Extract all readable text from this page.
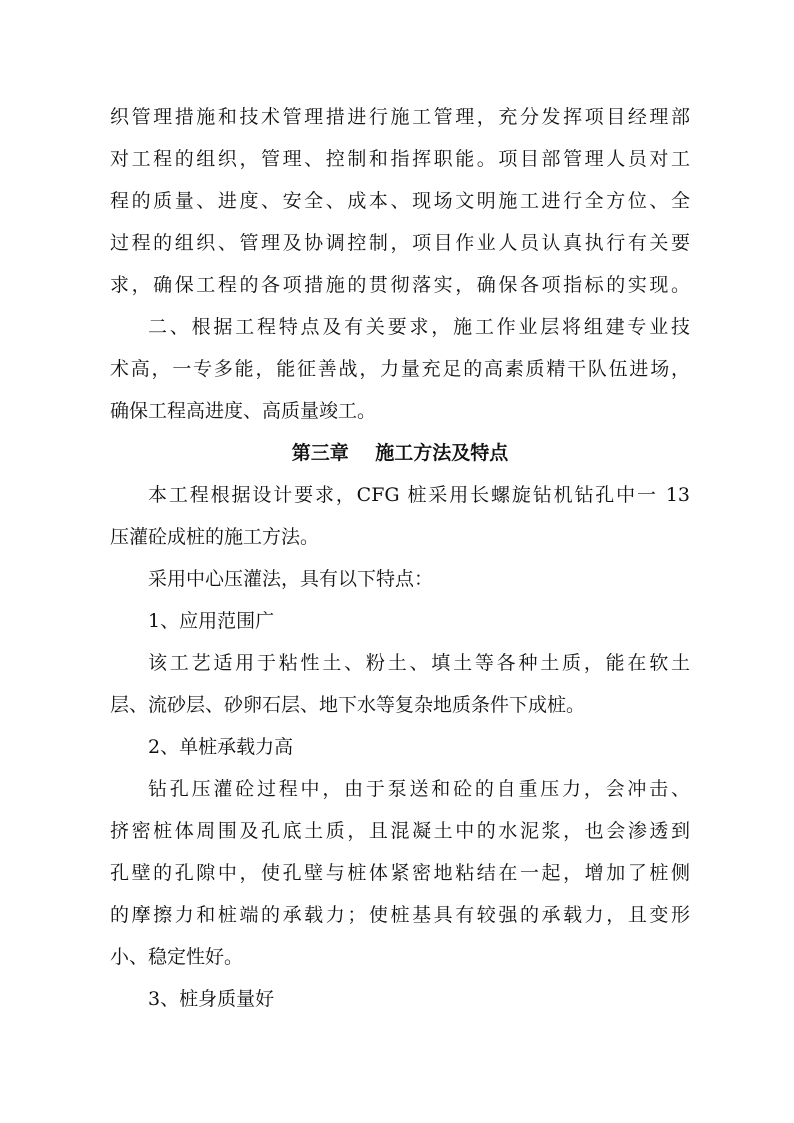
织管理措施和技术管理措进行施工管理，充分发挥项目经理部
对工程的组织，管理、控制和指挥职能。项目部管理人员对工
程的质量、进度、安全、成本、现场文明施工进行全方位、全
过程的组织、管理及协调控制，项目作业人员认真执行有关要
求，确保工程的各项措施的贯彻落实，确保各项指标的实现。
二、根据工程特点及有关要求，施工作业层将组建专业技
术高，一专多能，能征善战，力量充足的高素质精干队伍进场，
确保工程高进度、高质量竣工。
第三章    施工方法及特点
本工程根据设计要求，CFG 桩采用长螺旋钻机钻孔中一 13
压灌砼成桩的施工方法。
采用中心压灌法，具有以下特点：
1、应用范围广
该工艺适用于粘性土、粉土、填土等各种土质，能在软土
层、流砂层、砂卵石层、地下水等复杂地质条件下成桩。
2、单桩承载力高
钻孔压灌砼过程中，由于泵送和砼的自重压力，会冲击、
挤密桩体周围及孔底土质，且混凝土中的水泥浆，也会渗透到
孔壁的孔隙中，使孔壁与桩体紧密地粘结在一起，增加了桩侧
的摩擦力和桩端的承载力；使桩基具有较强的承载力，且变形
小、稳定性好。
3、桩身质量好
